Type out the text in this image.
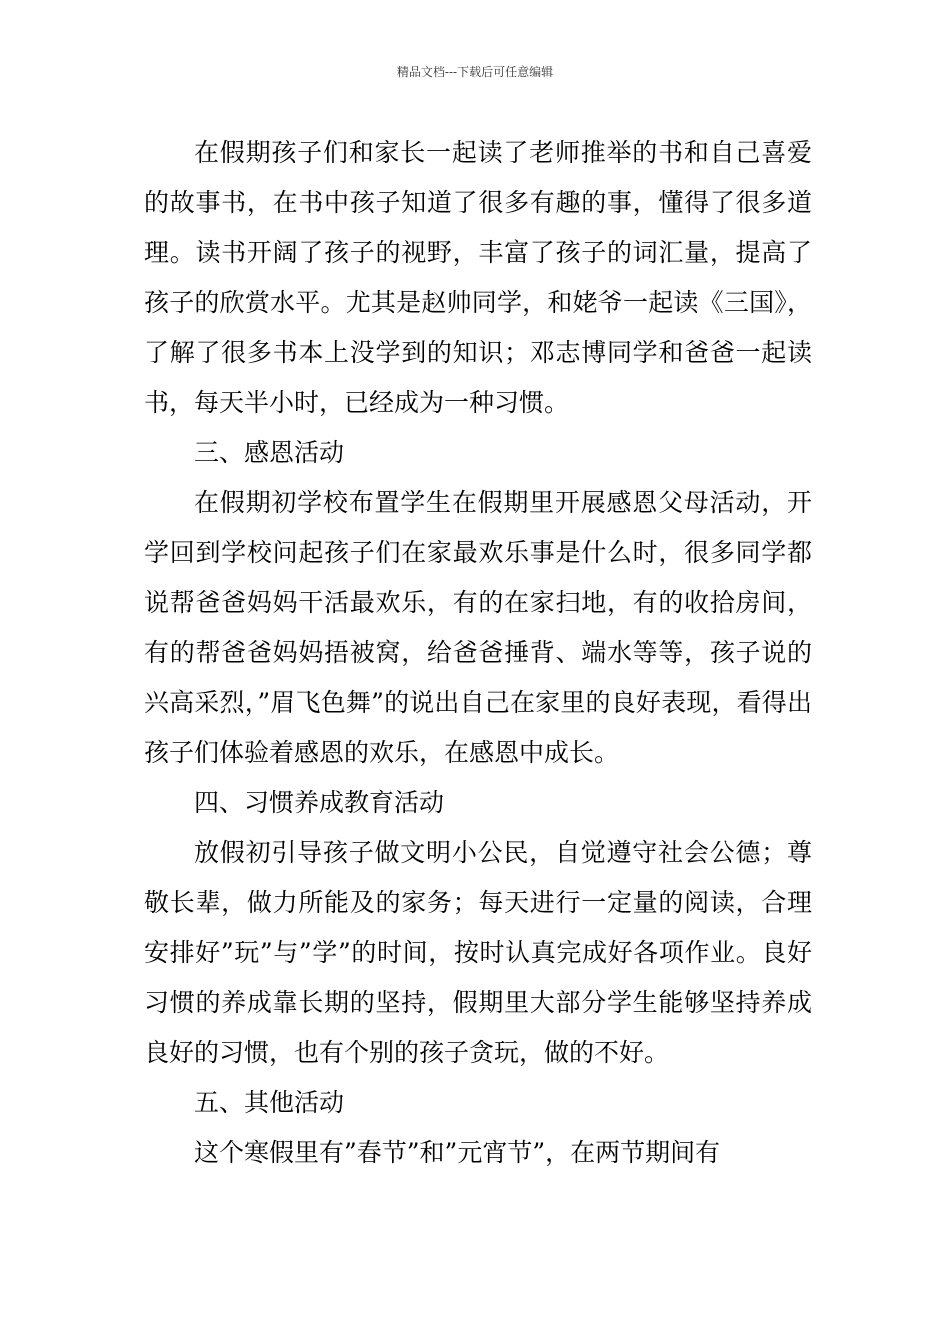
精品文档---下载后可任意编辑

在假期孩子们和家长一起读了老师推举的书和自己喜爱的故事书，在书中孩子知道了很多有趣的事，懂得了很多道理。读书开阔了孩子的视野，丰富了孩子的词汇量，提高了孩子的欣赏水平。尤其是赵帅同学，和姥爷一起读《三国》，了解了很多书本上没学到的知识；邓志博同学和爸爸一起读书，每天半小时，已经成为一种习惯。

三、感恩活动

在假期初学校布置学生在假期里开展感恩父母活动，开学回到学校问起孩子们在家最欢乐事是什么时，很多同学都说帮爸爸妈妈干活最欢乐，有的在家扫地，有的收拾房间，有的帮爸爸妈妈捂被窝，给爸爸捶背、端水等等，孩子说的兴高采烈，”眉飞色舞”的说出自己在家里的良好表现，看得出孩子们体验着感恩的欢乐，在感恩中成长。

四、习惯养成教育活动

放假初引导孩子做文明小公民，自觉遵守社会公德；尊敬长辈，做力所能及的家务；每天进行一定量的阅读，合理安排好”玩”与”学”的时间，按时认真完成好各项作业。良好习惯的养成靠长期的坚持，假期里大部分学生能够坚持养成良好的习惯，也有个别的孩子贪玩，做的不好。

五、其他活动

这个寒假里有”春节”和”元宵节”，在两节期间有
